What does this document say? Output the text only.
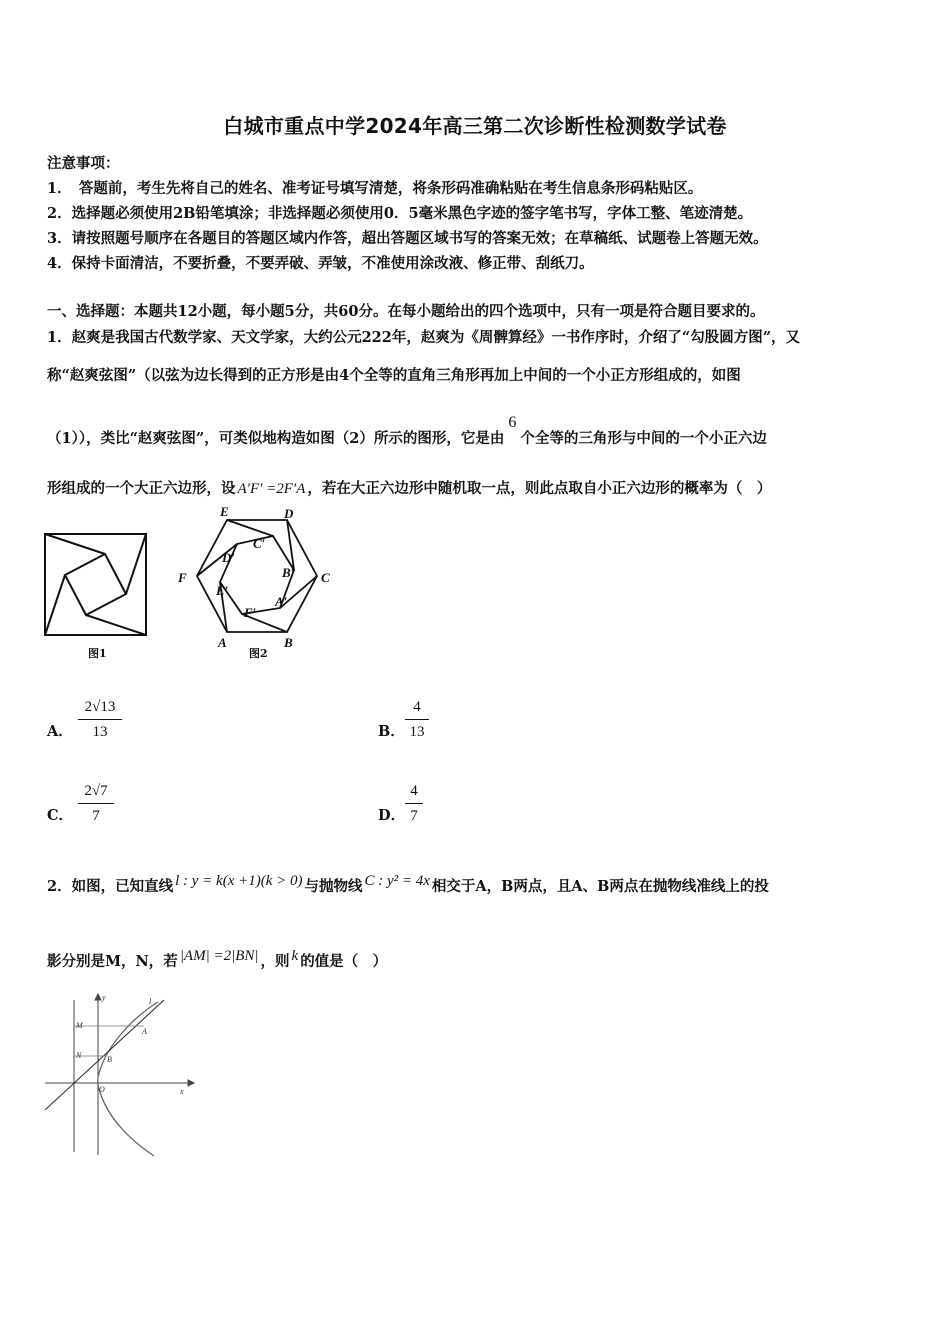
白城市重点中学2024年高三第二次诊断性检测数学试卷
注意事项：
1．　答题前，考生先将自己的姓名、准考证号填写清楚，将条形码准确粘贴在考生信息条形码粘贴区。
2．选择题必须使用2B铅笔填涂；非选择题必须使用0．5毫米黑色字迹的签字笔书写，字体工整、笔迹清楚。
3．请按照题号顺序在各题目的答题区域内作答，超出答题区域书写的答案无效；在草稿纸、试题卷上答题无效。
4．保持卡面清洁，不要折叠，不要弄破、弄皱，不准使用涂改液、修正带、刮纸刀。
一、选择题：本题共12小题，每小题5分，共60分。在每小题给出的四个选项中，只有一项是符合题目要求的。
1．赵爽是我国古代数学家、天文学家，大约公元222年，赵爽为《周髀算经》一书作序时，介绍了“勾股圆方图”，又
称“赵爽弦图”（以弦为边长得到的正方形是由4个全等的直角三角形再加上中间的一个小正方形组成的，如图
（1）），类比“赵爽弦图”，可类似地构造如图（2）所示的图形，它是由6个全等的三角形与中间的一个小正六边
形组成的一个大正六边形，设 A′F′ =2F′A ，若在大正六边形中随机取一点，则此点取自小正六边形的概率为（　）
图1
E	D
C
B
A
F
D′
C′
B′
A′
F′
E′
图2
A．
2√13
13	B．
4
13
C．
2√7
7	D．
4
7
2．如图，已知直线 l : y = k(x +1)(k > 0) 与抛物线 C : y² = 4x 相交于A，B两点，且A、B两点在抛物线准线上的投
影分别是M，N，若 |AM| =2|BN| ，则 k 的值是（　）
y
x
O
M
N
A
B
l
